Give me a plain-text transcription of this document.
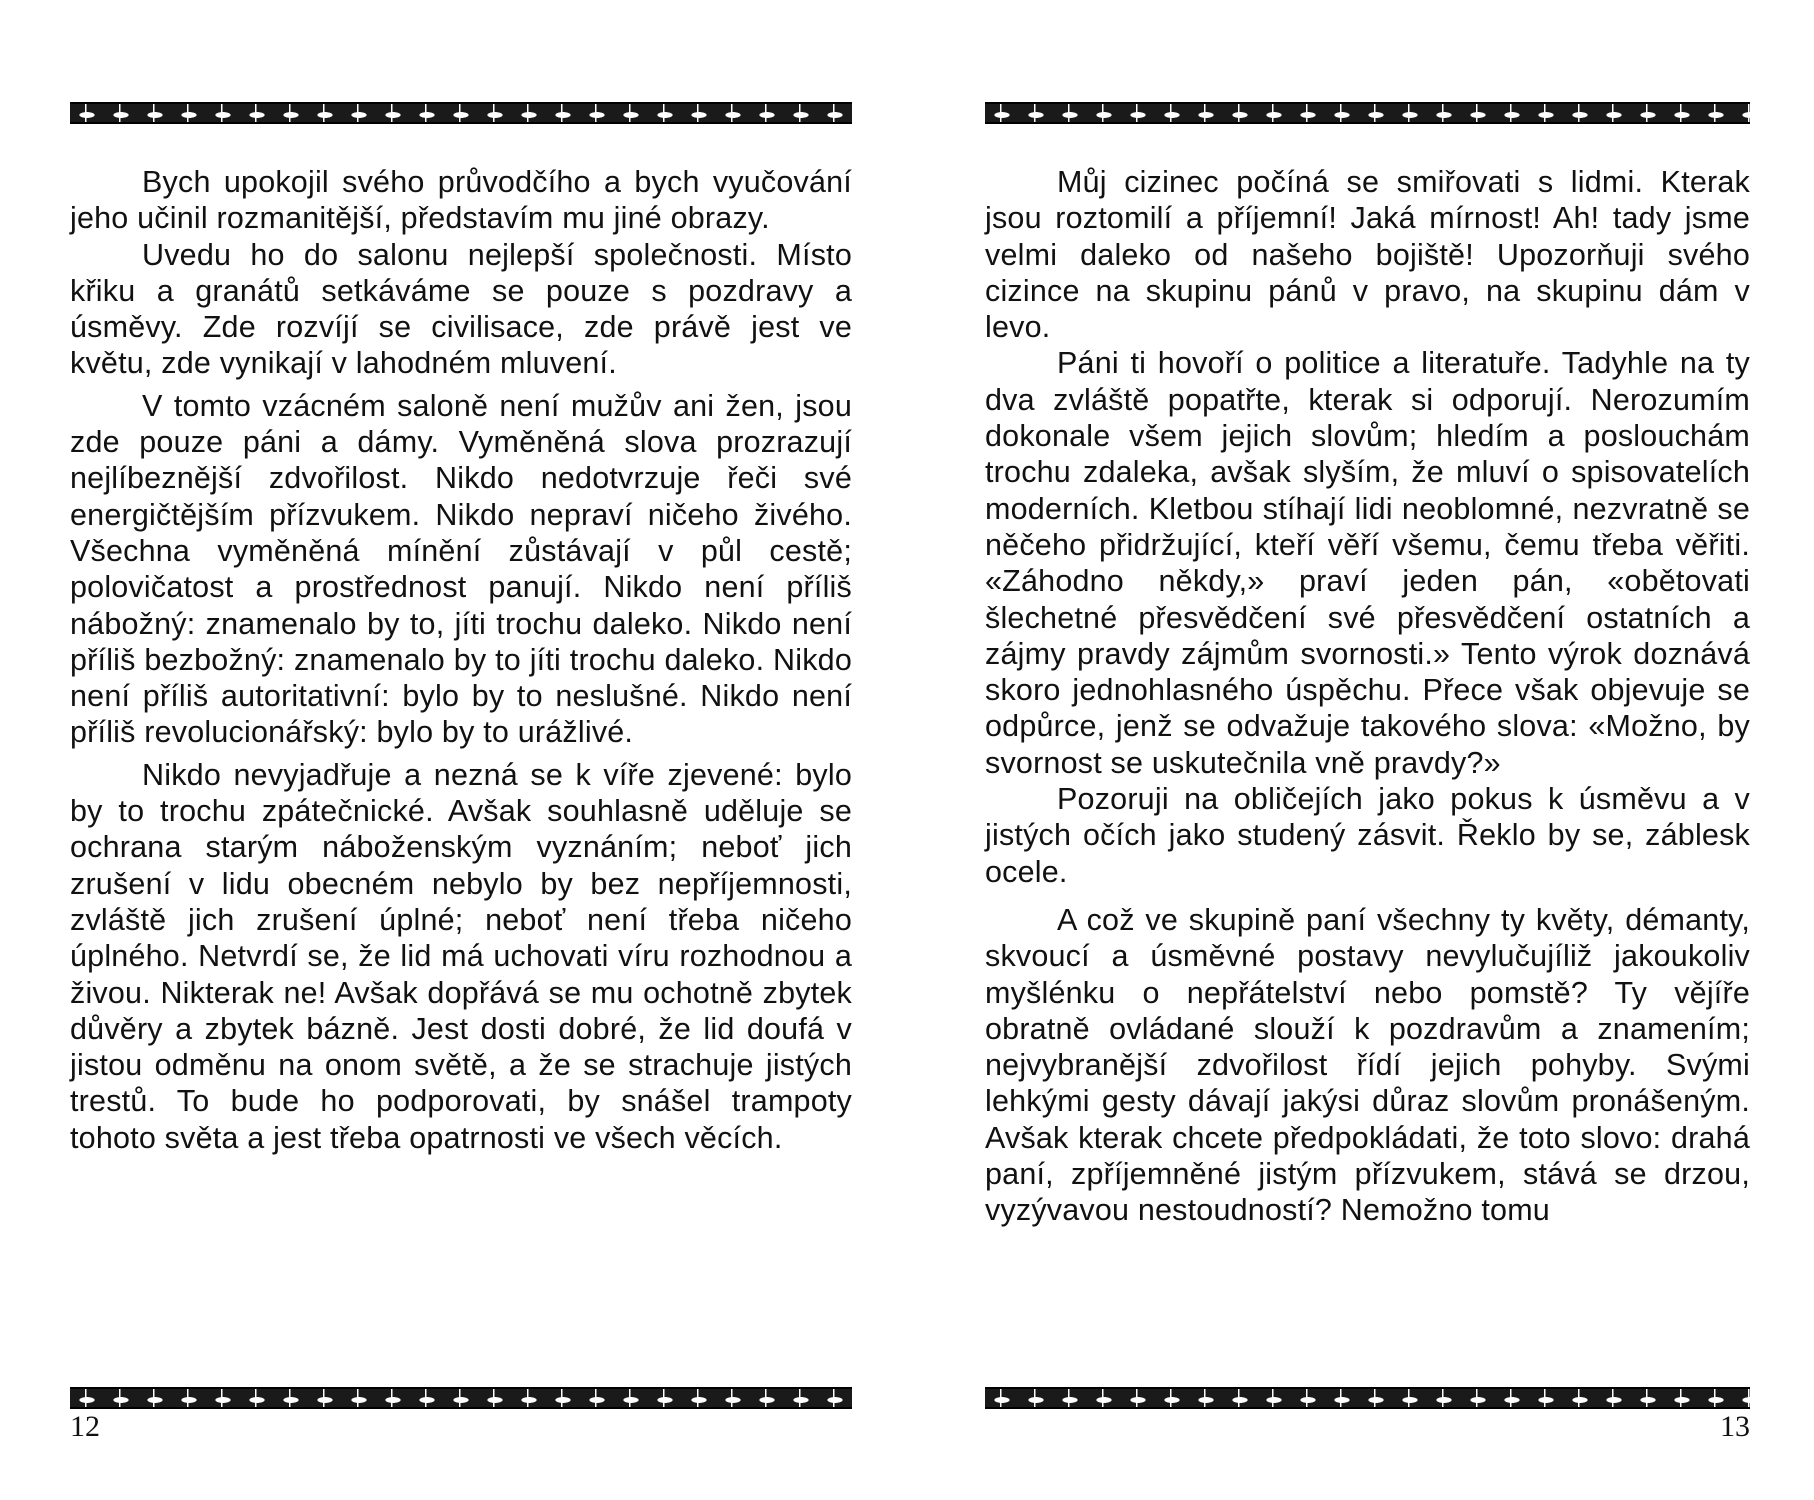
Bych upokojil svého průvodčího a bych vyučování jeho učinil rozmanitější, představím mu jiné obrazy.

Uvedu ho do salonu nejlepší společnosti. Místo křiku a granátů setkáváme se pouze s pozdravy a úsměvy. Zde rozvíjí se civilisace, zde právě jest ve květu, zde vynikají v lahodném mluvení.

V tomto vzácném saloně není mužův ani žen, jsou zde pouze páni a dámy. Vyměněná slova prozrazují nejlíbeznější zdvořilost. Nikdo nedotvrzuje řeči své energičtějším přízvukem. Nikdo nepraví ničeho živého. Všechna vyměněná mínění zůstávají v půl cestě; polovičatost a prostřednost panují. Nikdo není příliš nábožný: znamenalo by to, jíti trochu daleko. Nikdo není příliš bezbožný: znamenalo by to jíti trochu daleko. Nikdo není příliš autoritativní: bylo by to neslušné. Nikdo není příliš revolucionářský: bylo by to urážlivé.

Nikdo nevyjadřuje a nezná se k víře zjevené: bylo by to trochu zpátečnické. Avšak souhlasně uděluje se ochrana starým náboženským vyznáním; neboť jich zrušení v lidu obecném nebylo by bez nepříjemnosti, zvláště jich zrušení úplné; neboť není třeba ničeho úplného. Netvrdí se, že lid má uchovati víru rozhodnou a živou. Nikterak ne! Avšak dopřává se mu ochotně zbytek důvěry a zbytek bázně. Jest dosti dobré, že lid doufá v jistou odměnu na onom světě, a že se strachuje jistých trestů. To bude ho podporovati, by snášel trampoty tohoto světa a jest třeba opatrnosti ve všech věcích.

12

Můj cizinec počíná se smiřovati s lidmi. Kterak jsou roztomilí a příjemní! Jaká mírnost! Ah! tady jsme velmi daleko od našeho bojiště! Upozorňuji svého cizince na skupinu pánů v pravo, na skupinu dám v levo.

Páni ti hovoří o politice a literatuře. Tadyhle na ty dva zvláště popatřte, kterak si odporují. Nerozumím dokonale všem jejich slovům; hledím a poslouchám trochu zdaleka, avšak slyším, že mluví o spisovatelích moderních. Kletbou stíhají lidi neoblomné, nezvratně se něčeho přidržující, kteří věří všemu, čemu třeba věřiti. «Záhodno někdy,» praví jeden pán, «obětovati šlechetné přesvědčení své přesvědčení ostatních a zájmy pravdy zájmům svornosti.» Tento výrok doznává skoro jednohlasného úspěchu. Přece však objevuje se odpůrce, jenž se odvažuje takového slova: «Možno, by svornost se uskutečnila vně pravdy?»

Pozoruji na obličejích jako pokus k úsměvu a v jistých očích jako studený zásvit. Řeklo by se, záblesk ocele.

A což ve skupině paní všechny ty květy, démanty, skvoucí a úsměvné postavy nevylučujíliž jakoukoliv myšlénku o nepřátelství nebo pomstě? Ty vějíře obratně ovládané slouží k pozdravům a znamením; nejvybranější zdvořilost řídí jejich pohyby. Svými lehkými gesty dávají jakýsi důraz slovům pronášeným. Avšak kterak chcete předpokládati, že toto slovo: drahá paní, zpříjemněné jistým přízvukem, stává se drzou, vyzývavou nestoudností? Nemožno tomu

13
